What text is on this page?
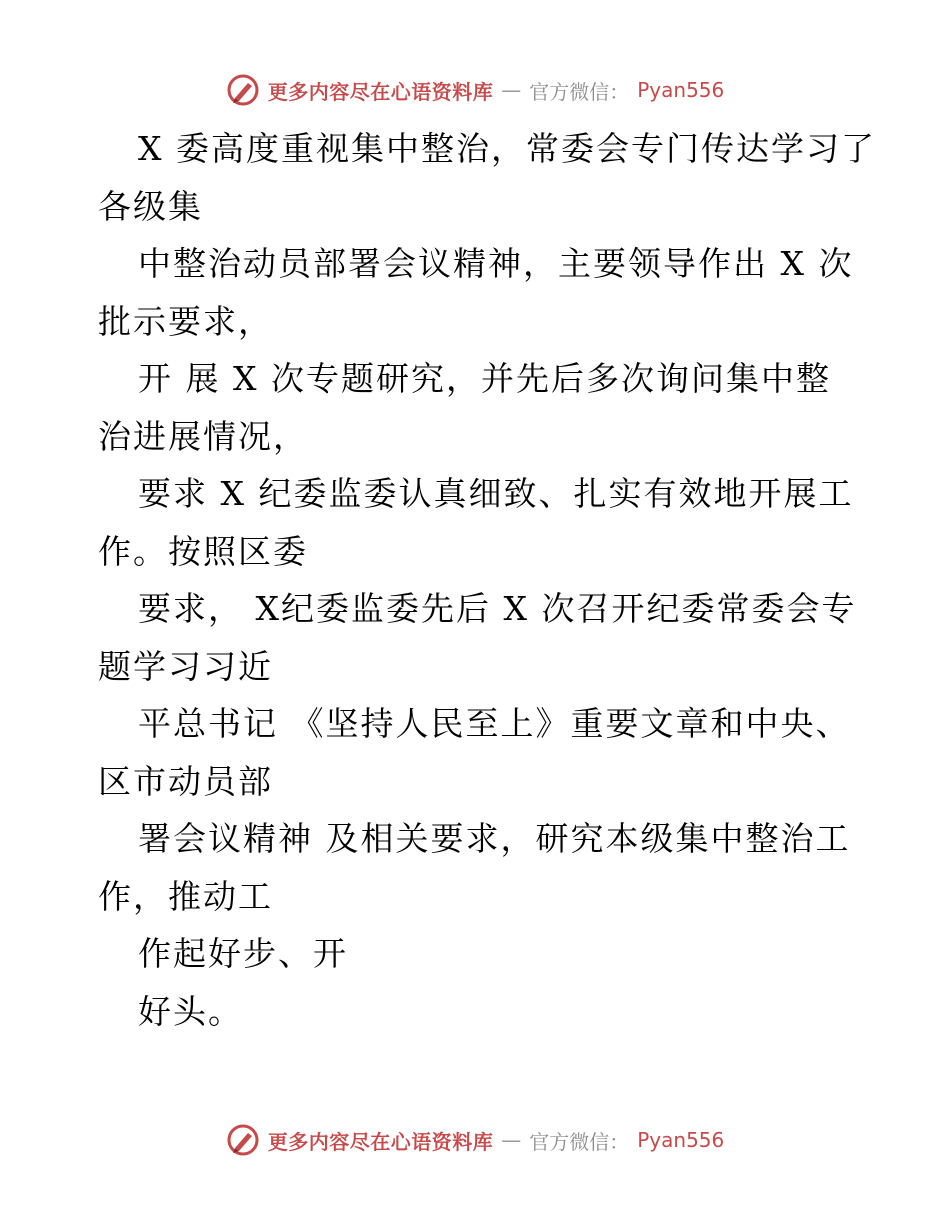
更多内容尽在心语资料库 — 官方微信： Pyan556
X 委高度重视集中整治，常委会专门传达学习了
各级集
中整治动员部署会议精神，主要领导作出 X 次
批示要求，
开 展 X 次专题研究，并先后多次询问集中整
治进展情况，
要求 X 纪委监委认真细致、扎实有效地开展工
作。按照区委
要求， X纪委监委先后 X 次召开纪委常委会专
题学习习近
平总书记 《坚持人民至上》重要文章和中央、
区市动员部
署会议精神 及相关要求，研究本级集中整治工
作，推动工
作起好步、开
好头。
更多内容尽在心语资料库 — 官方微信： Pyan556
